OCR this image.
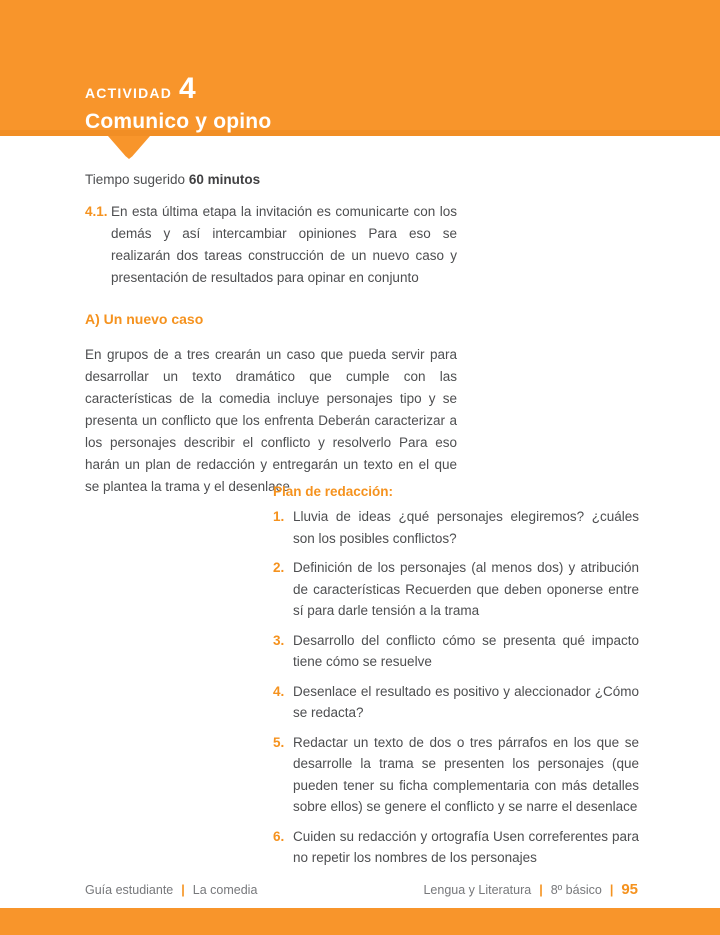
ACTIVIDAD 4
Comunico y opino
Tiempo sugerido 60 minutos
4.1. En esta última etapa la invitación es comunicarte con los demás y así intercambiar opiniones Para eso se realizarán dos tareas construcción de un nuevo caso y presentación de resultados para opinar en conjunto
A) Un nuevo caso
En grupos de a tres crearán un caso que pueda servir para desarrollar un texto dramático que cumple con las características de la comedia incluye personajes tipo y se presenta un conflicto que los enfrenta Deberán caracterizar a los personajes describir el conflicto y resolverlo Para eso harán un plan de redacción y entregarán un texto en el que se plantea la trama y el desenlace
Plan de redacción:
1. Lluvia de ideas ¿qué personajes elegiremos? ¿cuáles son los posibles conflictos?
2. Definición de los personajes (al menos dos) y atribución de características Recuerden que deben oponerse entre sí para darle tensión a la trama
3. Desarrollo del conflicto cómo se presenta qué impacto tiene cómo se resuelve
4. Desenlace el resultado es positivo y aleccionador ¿Cómo se redacta?
5. Redactar un texto de dos o tres párrafos en los que se desarrolle la trama se presenten los personajes (que pueden tener su ficha complementaria con más detalles sobre ellos) se genere el conflicto y se narre el desenlace
6. Cuiden su redacción y ortografía Usen correferentes para no repetir los nombres de los personajes
Guía estudiante | La comedia	Lengua y Literatura | 8º básico | 95
